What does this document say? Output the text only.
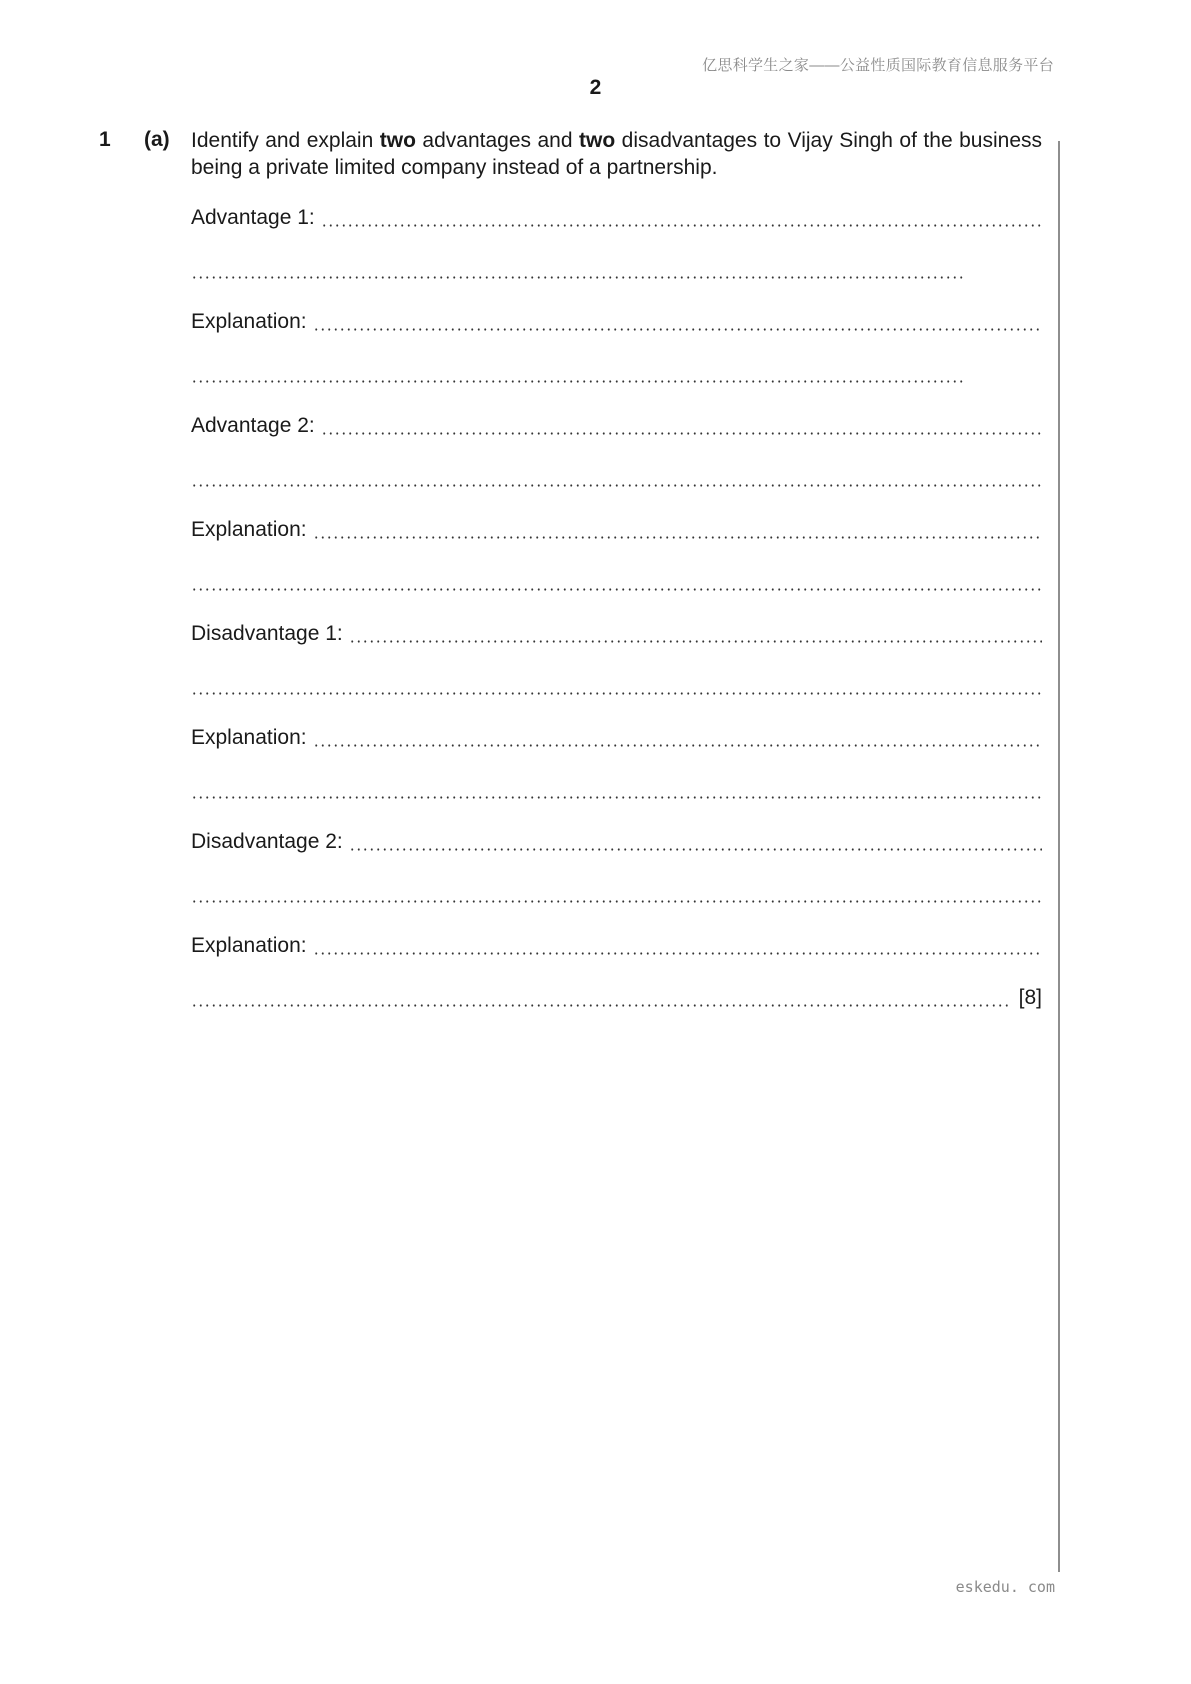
亿思科学生之家——公益性质国际教育信息服务平台
2
1 (a) Identify and explain two advantages and two disadvantages to Vijay Singh of the business being a private limited company instead of a partnership.
Advantage 1:
Explanation:
Advantage 2:
Explanation:
Disadvantage 1:
Explanation:
Disadvantage 2:
Explanation:
[8]
eskedu. com
